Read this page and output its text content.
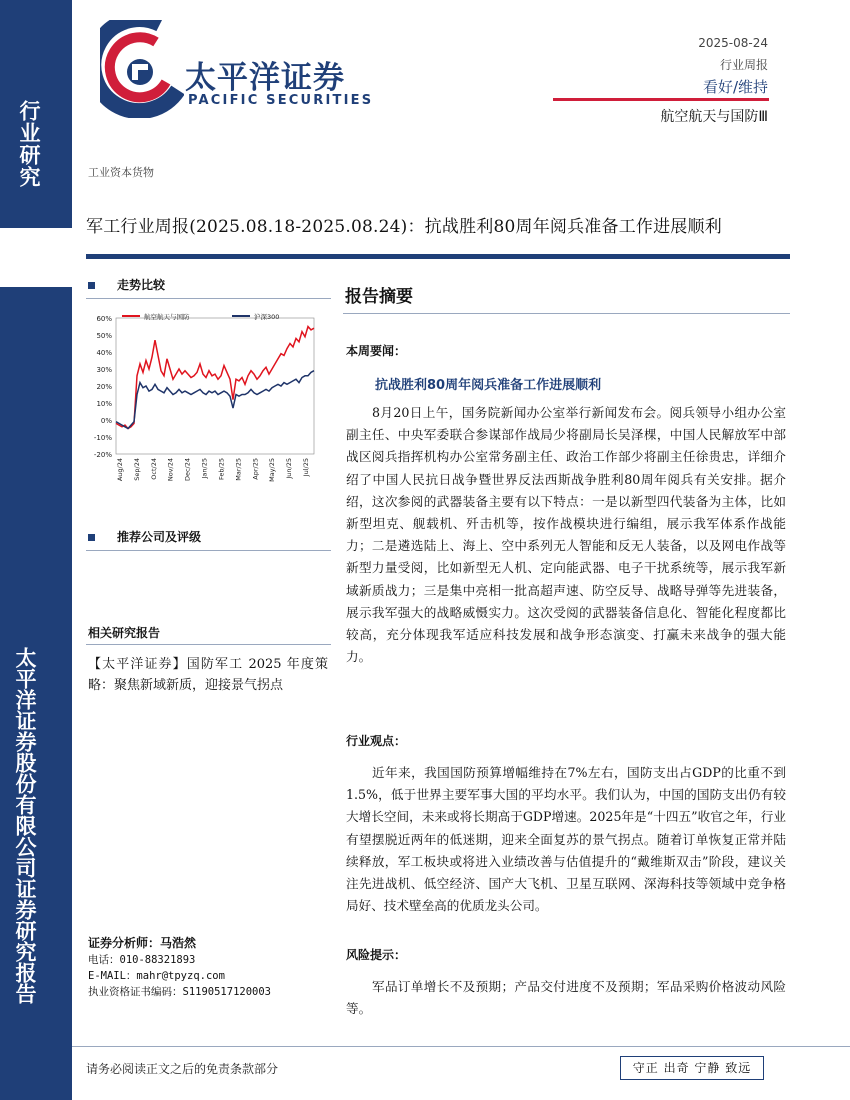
行业研究
太平洋证券股份有限公司证券研究报告
太平洋证券
PACIFIC SECURITIES
2025-08-24
行业周报
看好/维持
航空航天与国防Ⅲ
工业资本货物
军工行业周报(2025.08.18-2025.08.24)：抗战胜利80周年阅兵准备工作进展顺利
走势比较
60%
50%
40%
30%
20%
10%
0%
-10%
-20%
Aug/24 Sep/24 Oct/24 Nov/24 Dec/24 Jan/25 Feb/25 Mar/25 Apr/25 May/25 Jun/25 Jul/25
航空航天与国防	沪深300
推荐公司及评级
相关研究报告
【太平洋证券】国防军工 2025 年度策略：聚焦新域新质，迎接景气拐点
证券分析师：马浩然
电话：010-88321893
E-MAIL：mahr@tpyzq.com
执业资格证书编码：S1190517120003
报告摘要
本周要闻：
抗战胜利80周年阅兵准备工作进展顺利
8月20日上午，国务院新闻办公室举行新闻发布会。阅兵领导小组办公室副主任、中央军委联合参谋部作战局少将副局长吴泽棵，中国人民解放军中部战区阅兵指挥机构办公室常务副主任、政治工作部少将副主任徐贵忠，详细介绍了中国人民抗日战争暨世界反法西斯战争胜利80周年阅兵有关安排。据介绍，这次参阅的武器装备主要有以下特点：一是以新型四代装备为主体，比如新型坦克、舰载机、歼击机等，按作战模块进行编组，展示我军体系作战能力；二是遴选陆上、海上、空中系列无人智能和反无人装备，以及网电作战等新型力量受阅，比如新型无人机、定向能武器、电子干扰系统等，展示我军新域新质战力；三是集中亮相一批高超声速、防空反导、战略导弹等先进装备，展示我军强大的战略威慑实力。这次受阅的武器装备信息化、智能化程度都比较高，充分体现我军适应科技发展和战争形态演变、打赢未来战争的强大能力。
行业观点：
近年来，我国国防预算增幅维持在7%左右，国防支出占GDP的比重不到1.5%，低于世界主要军事大国的平均水平。我们认为，中国的国防支出仍有较大增长空间，未来或将长期高于GDP增速。2025年是“十四五”收官之年，行业有望摆脱近两年的低迷期，迎来全面复苏的景气拐点。随着订单恢复正常并陆续释放，军工板块或将进入业绩改善与估值提升的“戴维斯双击”阶段，建议关注先进战机、低空经济、国产大飞机、卫星互联网、深海科技等领域中竞争格局好、技术壁垒高的优质龙头公司。
风险提示：
军品订单增长不及预期；产品交付进度不及预期；军品采购价格波动风险等。
请务必阅读正文之后的免责条款部分	守正 出奇 宁静 致远
